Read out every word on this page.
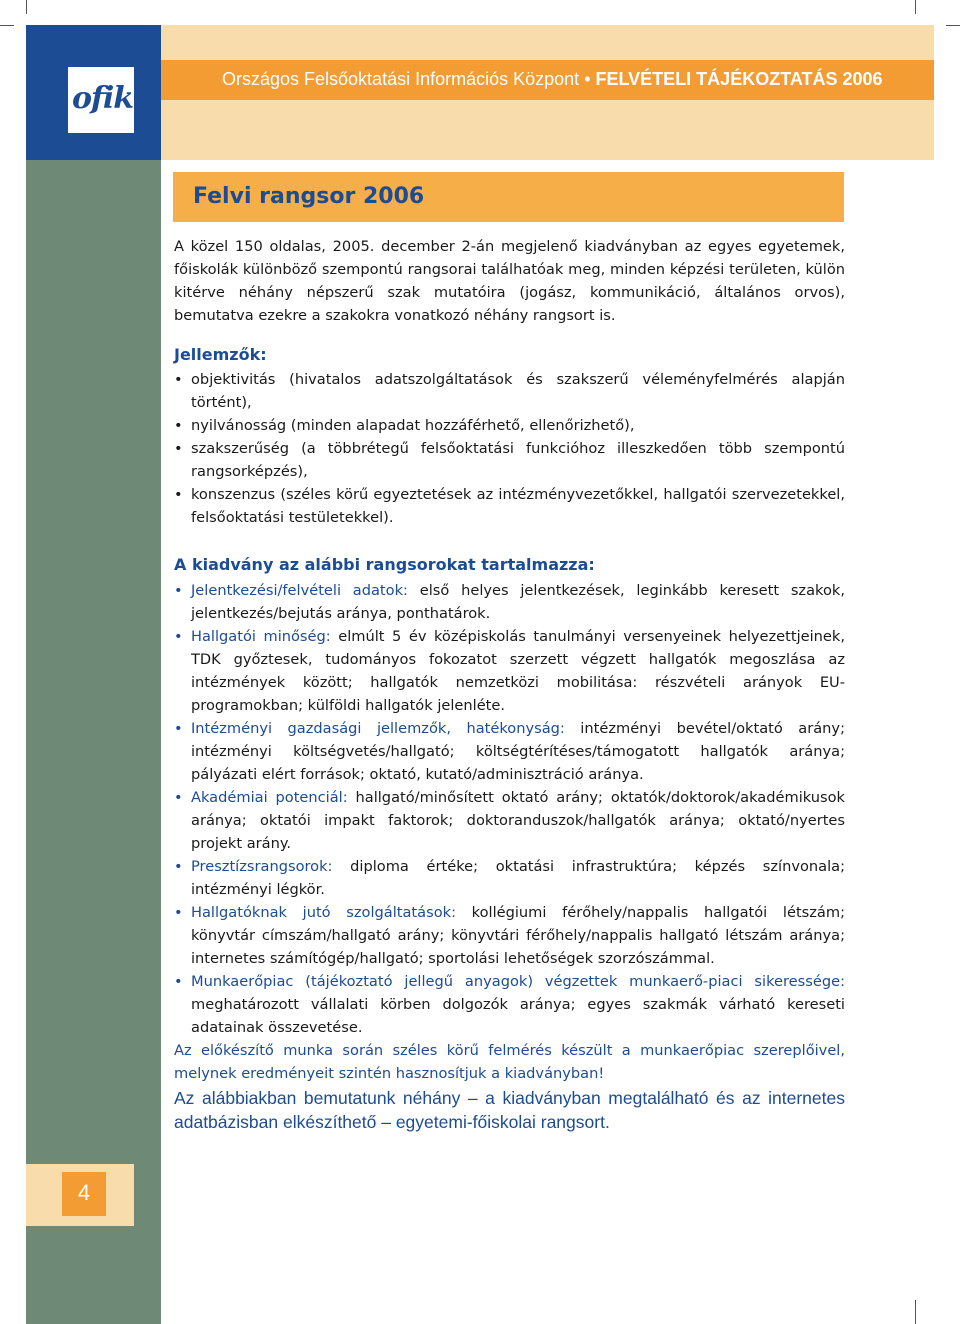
ofik
Országos Felsőoktatási Információs Központ • FELVÉTELI TÁJÉKOZTATÁS 2006
Felvi rangsor 2006

A közel 150 oldalas, 2005. december 2-án megjelenő kiadványban az egyes egyetemek, főiskolák különböző szempontú rangsorai találhatóak meg, minden képzési területen, külön kitérve néhány népszerű szak mutatóira (jogász, kommunikáció, általános orvos), bemutatva ezekre a szakokra vonatkozó néhány rangsort is.

Jellemzők:
• objektivitás (hivatalos adatszolgáltatások és szakszerű véleményfelmérés alapján történt),
• nyilvánosság (minden alapadat hozzáférhető, ellenőrizhető),
• szakszerűség (a többrétegű felsőoktatási funkcióhoz illeszkedően több szempontú rangsorképzés),
• konszenzus (széles körű egyeztetések az intézményvezetőkkel, hallgatói szervezetekkel, felsőoktatási testületekkel).
A kiadvány az alábbi rangsorokat tartalmazza:
• Jelentkezési/felvételi adatok: első helyes jelentkezések, leginkább keresett szakok, jelentkezés/bejutás aránya, ponthatárok.
• Hallgatói minőség: elmúlt 5 év középiskolás tanulmányi versenyeinek helyezettjeinek, TDK győztesek, tudományos fokozatot szerzett végzett hallgatók megoszlása az intézmények között; hallgatók nemzetközi mobilitása: részvételi arányok EU-programokban; külföldi hallgatók jelenléte.
• Intézményi gazdasági jellemzők, hatékonyság: intézményi bevétel/oktató arány; intézményi költségvetés/hallgató; költségtérítéses/támogatott hallgatók aránya; pályázati elért források; oktató, kutató/adminisztráció aránya.
• Akadémiai potenciál: hallgató/minősített oktató arány; oktatók/doktorok/akadémikusok aránya; oktatói impakt faktorok; doktoranduszok/hallgatók aránya; oktató/nyertes projekt arány.
• Presztízsrangsorok: diploma értéke; oktatási infrastruktúra; képzés színvonala; intézményi légkör.
• Hallgatóknak jutó szolgáltatások: kollégiumi férőhely/nappalis hallgatói létszám; könyvtár címszám/hallgató arány; könyvtári férőhely/nappalis hallgató létszám aránya; internetes számítógép/hallgató; sportolási lehetőségek szorzószámmal.
• Munkaerőpiac (tájékoztató jellegű anyagok) végzettek munkaerő-piaci sikeressége: meghatározott vállalati körben dolgozók aránya; egyes szakmák várható kereseti adatainak összevetése.

Az előkészítő munka során széles körű felmérés készült a munkaerőpiac szereplőivel, melynek eredményeit szintén hasznosítjuk a kiadványban!

Az alábbiakban bemutatunk néhány – a kiadványban megtalálható és az internetes adatbázisban elkészíthető – egyetemi-főiskolai rangsort.
4
